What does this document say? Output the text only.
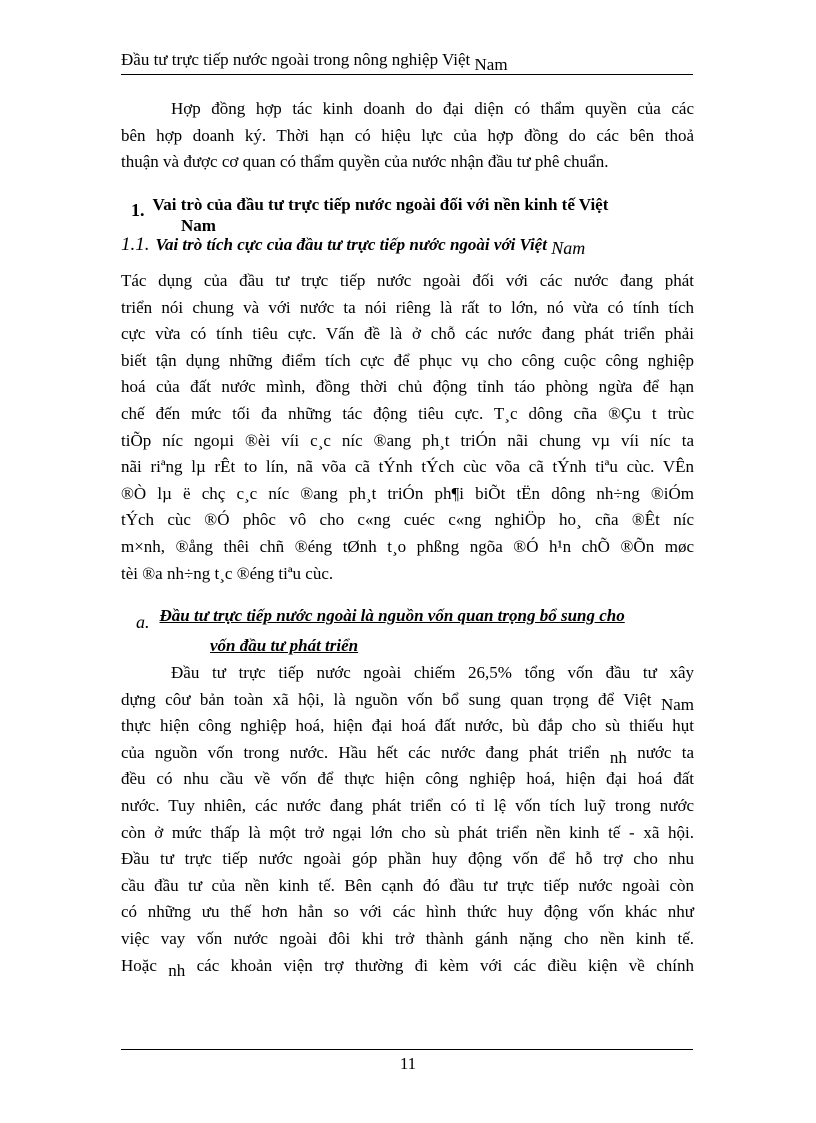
Đầu tư trực tiếp nước ngoài trong nông nghiệp Việt Nam
Hợp đồng hợp tác kinh doanh do đại diện có thẩm quyền của các
bên hợp doanh ký. Thời hạn có hiệu lực của hợp đồng do các bên thoả
thuận và được cơ quan có thẩm quyền của nước nhận đầu tư phê chuẩn.
1. Vai trò của đầu tư trực tiếp nước ngoài đối với nền kinh tế Việt
Nam
1.1. Vai trò tích cực của đầu tư trực tiếp nước ngoài với Việt Nam
Tác dụng của đầu tư trực tiếp nước ngoài đối với các nước đang phát
triển nói chung và với nước ta nói riêng là rất to lớn, nó vừa có tính tích
cực vừa có tính tiêu cực. Vấn đề là ở chỗ các nước đang phát triển phải
biết tận dụng những điểm tích cực để phục vụ cho công cuộc công nghiệp
hoá của đất nước mình, đồng thời chủ động tỉnh táo phòng ngừa để hạn
chế đến mức tối đa những tác động tiêu cực. T¸c dông cña ®Çu t trùc
tiÕp níc ngoµi ®èi víi c¸c níc ®ang ph¸t triÓn nãi chung vµ víi níc ta
nãi riªng lµ rÊt to lín, nã võa cã tÝnh tÝch cùc võa cã tÝnh tiªu cùc. VÊn
®Ò lµ ë chç c¸c níc ®ang ph¸t triÓn ph¶i biÕt tËn dông nh÷ng ®iÓm
tÝch cùc ®Ó phôc vô cho c«ng cuéc c«ng nghiÖp ho¸ cña ®Êt níc
m×nh, ®ång thêi chñ ®éng tØnh t¸o phßng ngõa ®Ó h¹n chÕ ®Õn møc
tèi ®a nh÷ng t¸c ®éng tiªu cùc.
a. Đầu tư trực tiếp nước ngoài là nguồn vốn quan trọng bổ sung cho
vốn đầu tư phát triển
Đầu tư trực tiếp nước ngoài chiếm 26,5% tổng vốn đầu tư xây
dựng côư bản toàn xã hội, là nguồn vốn bổ sung quan trọng để Việt Nam
thực hiện công nghiệp hoá, hiện đại hoá đất nước, bù đắp cho sù thiếu hụt
của nguồn vốn trong nước. Hầu hết các nước đang phát triển nh nước ta
đều có nhu cầu về vốn để thực hiện công nghiệp hoá, hiện đại hoá đất
nước. Tuy nhiên, các nước đang phát triển có tỉ lệ vốn tích luỹ trong nước
còn ở mức thấp là một trở ngại lớn cho sù phát triển nền kinh tế - xã hội.
Đầu tư trực tiếp nước ngoài góp phần huy động vốn để hỗ trợ cho nhu
cầu đầu tư của nền kinh tế. Bên cạnh đó đầu tư trực tiếp nước ngoài còn
có những ưu thế hơn hẳn so với các hình thức huy động vốn khác như
việc vay vốn nước ngoài đôi khi trở thành gánh nặng cho nền kinh tế.
Hoặc nh các khoản viện trợ thường đi kèm với các điều kiện về chính
11
